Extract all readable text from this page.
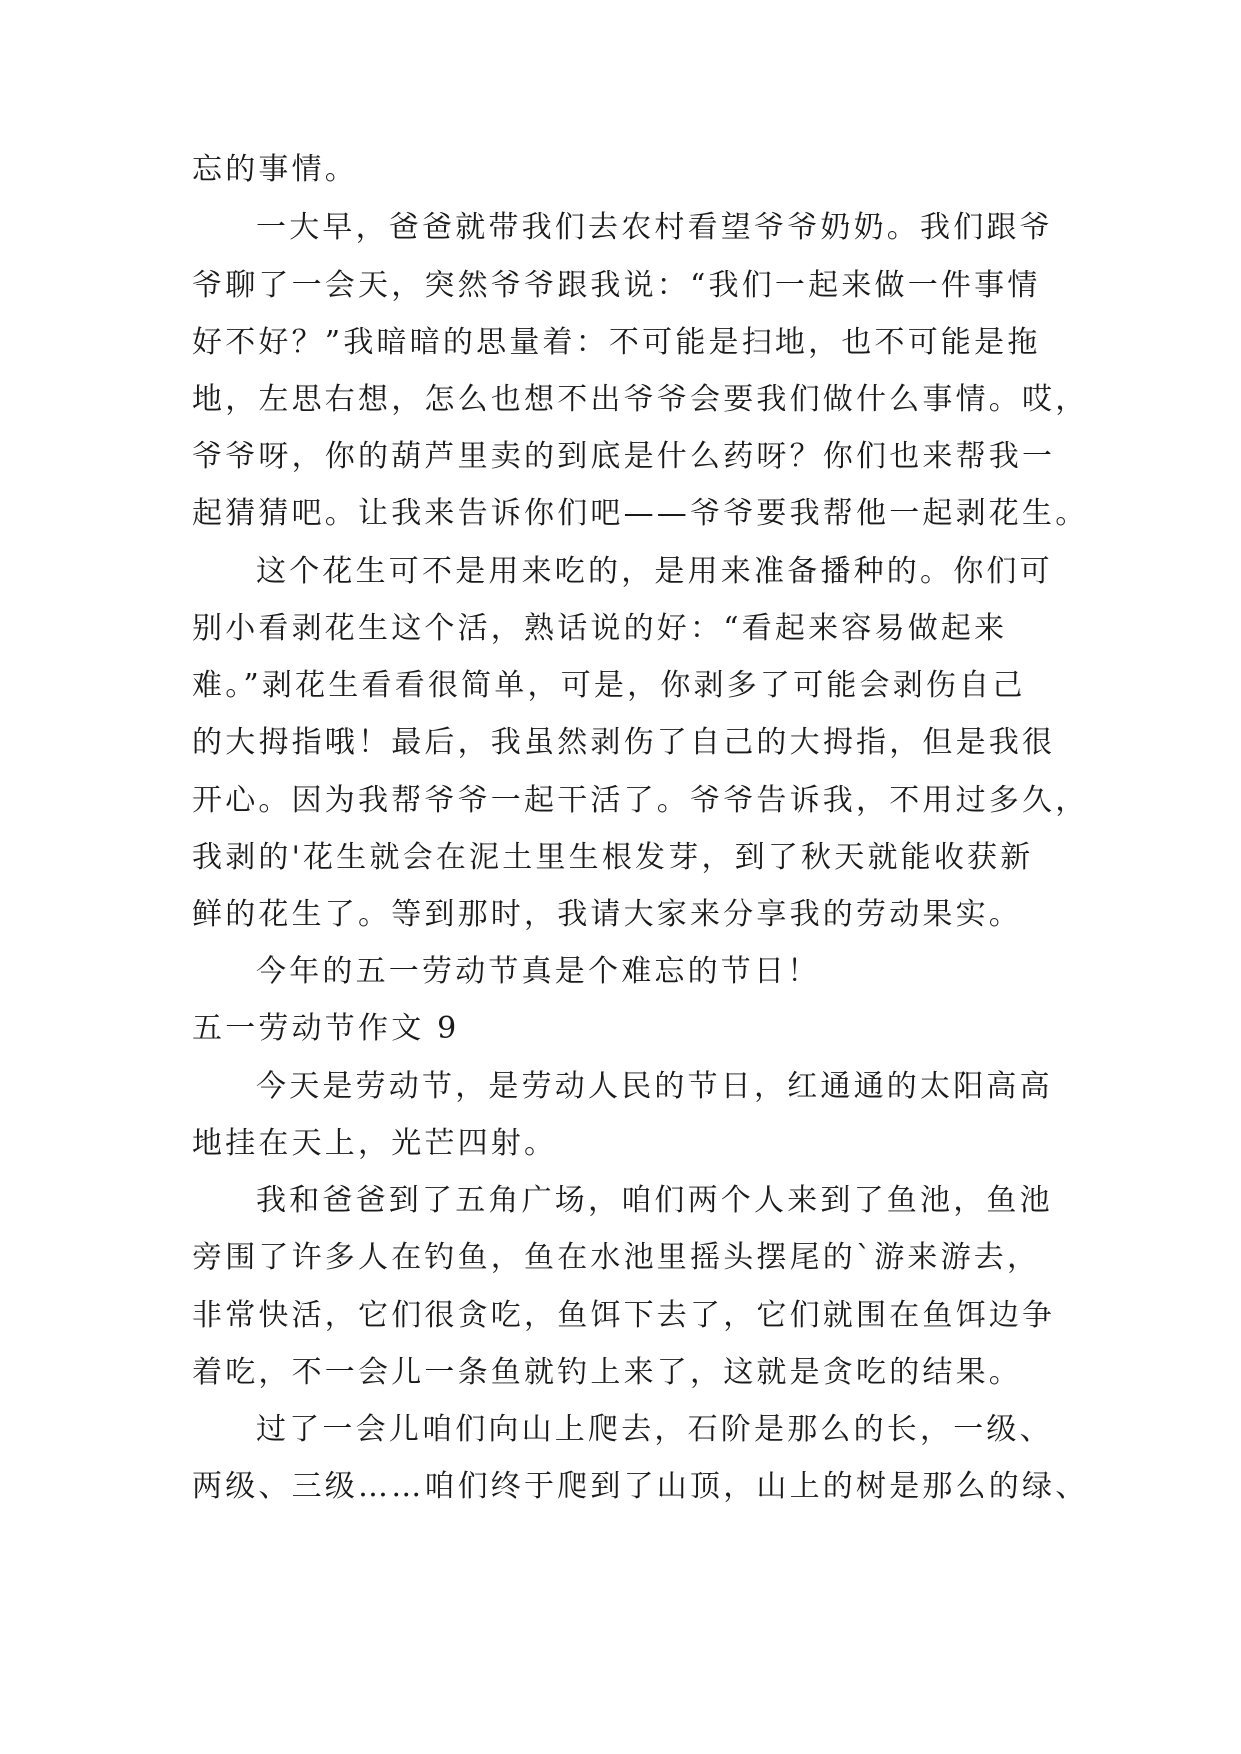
忘的事情。
一大早，爸爸就带我们去农村看望爷爷奶奶。我们跟爷
爷聊了一会天，突然爷爷跟我说：“我们一起来做一件事情
好不好？”我暗暗的思量着：不可能是扫地，也不可能是拖
地，左思右想，怎么也想不出爷爷会要我们做什么事情。哎，
爷爷呀，你的葫芦里卖的到底是什么药呀？你们也来帮我一
起猜猜吧。让我来告诉你们吧——爷爷要我帮他一起剥花生。
这个花生可不是用来吃的，是用来准备播种的。你们可
别小看剥花生这个活，熟话说的好：“看起来容易做起来
难。”剥花生看看很简单，可是，你剥多了可能会剥伤自己
的大拇指哦！最后，我虽然剥伤了自己的大拇指，但是我很
开心。因为我帮爷爷一起干活了。爷爷告诉我，不用过多久，
我剥的'花生就会在泥土里生根发芽，到了秋天就能收获新
鲜的花生了。等到那时，我请大家来分享我的劳动果实。
今年的五一劳动节真是个难忘的节日！
五一劳动节作文 9
今天是劳动节，是劳动人民的节日，红通通的太阳高高
地挂在天上，光芒四射。
我和爸爸到了五角广场，咱们两个人来到了鱼池，鱼池
旁围了许多人在钓鱼，鱼在水池里摇头摆尾的`游来游去，
非常快活，它们很贪吃，鱼饵下去了，它们就围在鱼饵边争
着吃，不一会儿一条鱼就钓上来了，这就是贪吃的结果。
过了一会儿咱们向山上爬去，石阶是那么的长，一级、
两级、三级……咱们终于爬到了山顶，山上的树是那么的绿、
